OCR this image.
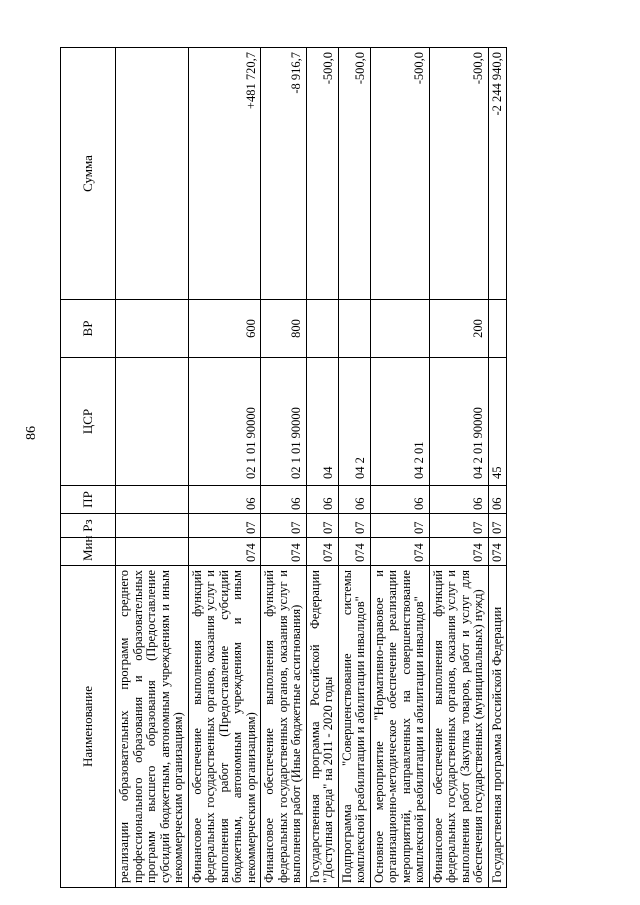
86
Наименование	Мин	Рз	ПР	ЦСР	ВР	Сумма
реализации образовательных программ среднего профессионального образования и образовательных программ высшего образования (Предоставление субсидий бюджетным, автономным учреждениям и иным некоммерческим организациям)						
Финансовое обеспечение выполнения функций федеральных государственных органов, оказания услуг и выполнения работ (Предоставление субсидий бюджетным, автономным учреждениям и иным некоммерческим организациям)	074	07	06	02 1 01 90000	600	+481 720,7
Финансовое обеспечение выполнения функций федеральных государственных органов, оказания услуг и выполнения работ (Иные бюджетные ассигнования)	074	07	06	02 1 01 90000	800	-8 916,7
Государственная программа Российской Федерации "Доступная среда" на 2011 - 2020 годы	074	07	06	04		-500,0
Подпрограмма "Совершенствование системы комплексной реабилитации и абилитации инвалидов"	074	07	06	04 2		-500,0
Основное мероприятие "Нормативно-правовое и организационно-методическое обеспечение реализации мероприятий, направленных на совершенствование комплексной реабилитации и абилитации инвалидов"	074	07	06	04 2 01		-500,0
Финансовое обеспечение выполнения функций федеральных государственных органов, оказания услуг и выполнения работ (Закупка товаров, работ и услуг для обеспечения государственных (муниципальных) нужд)	074	07	06	04 2 01 90000	200	-500,0
Государственная программа Российской Федерации	074	07	06	45		-2 244 940,0
